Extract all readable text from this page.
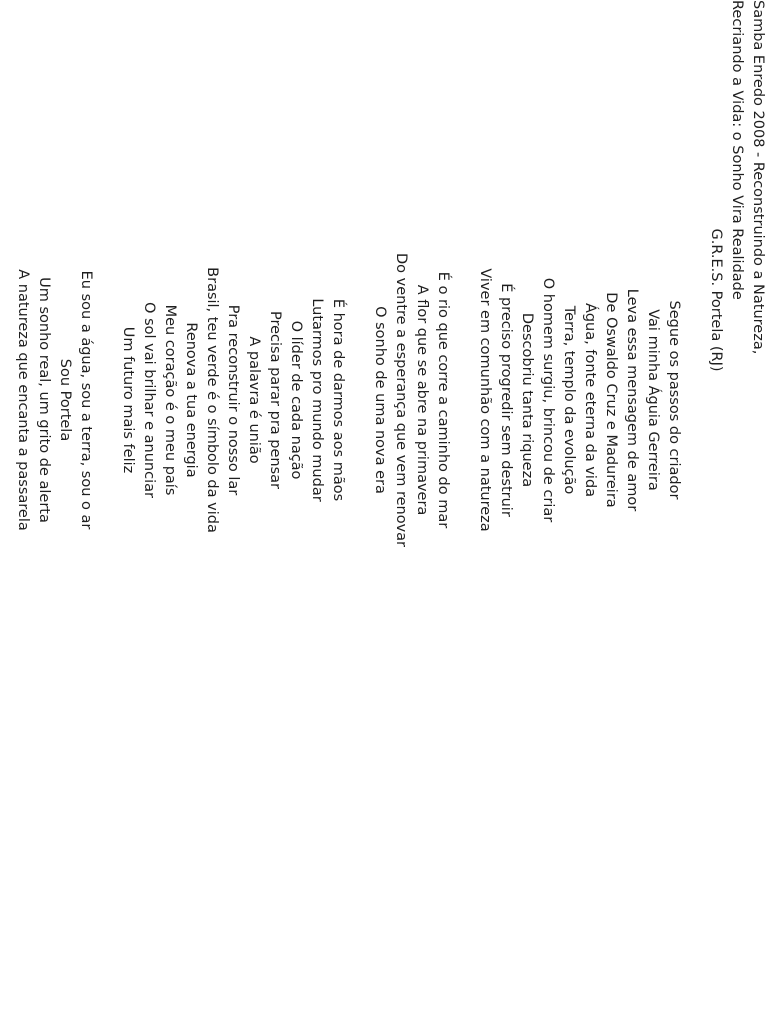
Samba Enredo 2008 - Reconstruindo a Natureza,
Recriando a Vida: o Sonho Vira Realidade
G.R.E.S. Portela (RJ)
Segue os passos do criador
Vai minha Águia Gerreira
Leva essa mensagem de amor
De Oswaldo Cruz e Madureira
Água, fonte eterna da vida
Terra, templo da evolução
O homem surgiu, brincou de criar
Descobriu tanta riqueza
É preciso progredir sem destruir
Viver em comunhão com a natureza
É o rio que corre a caminho do mar
A flor que se abre na primavera
Do ventre a esperança que vem renovar
O sonho de uma nova era
É hora de darmos aos mãos
Lutarmos pro mundo mudar
O líder de cada nação
Precisa parar pra pensar
A palavra é união
Pra reconstruir o nosso lar
Brasil, teu verde é o símbolo da vida
Renova a tua energia
Meu coração é o meu país
O sol vai brilhar e anunciar
Um futuro mais feliz
Eu sou a água, sou a terra, sou o ar
Sou Portela
Um sonho real, um grito de alerta
A natureza que encanta a passarela
